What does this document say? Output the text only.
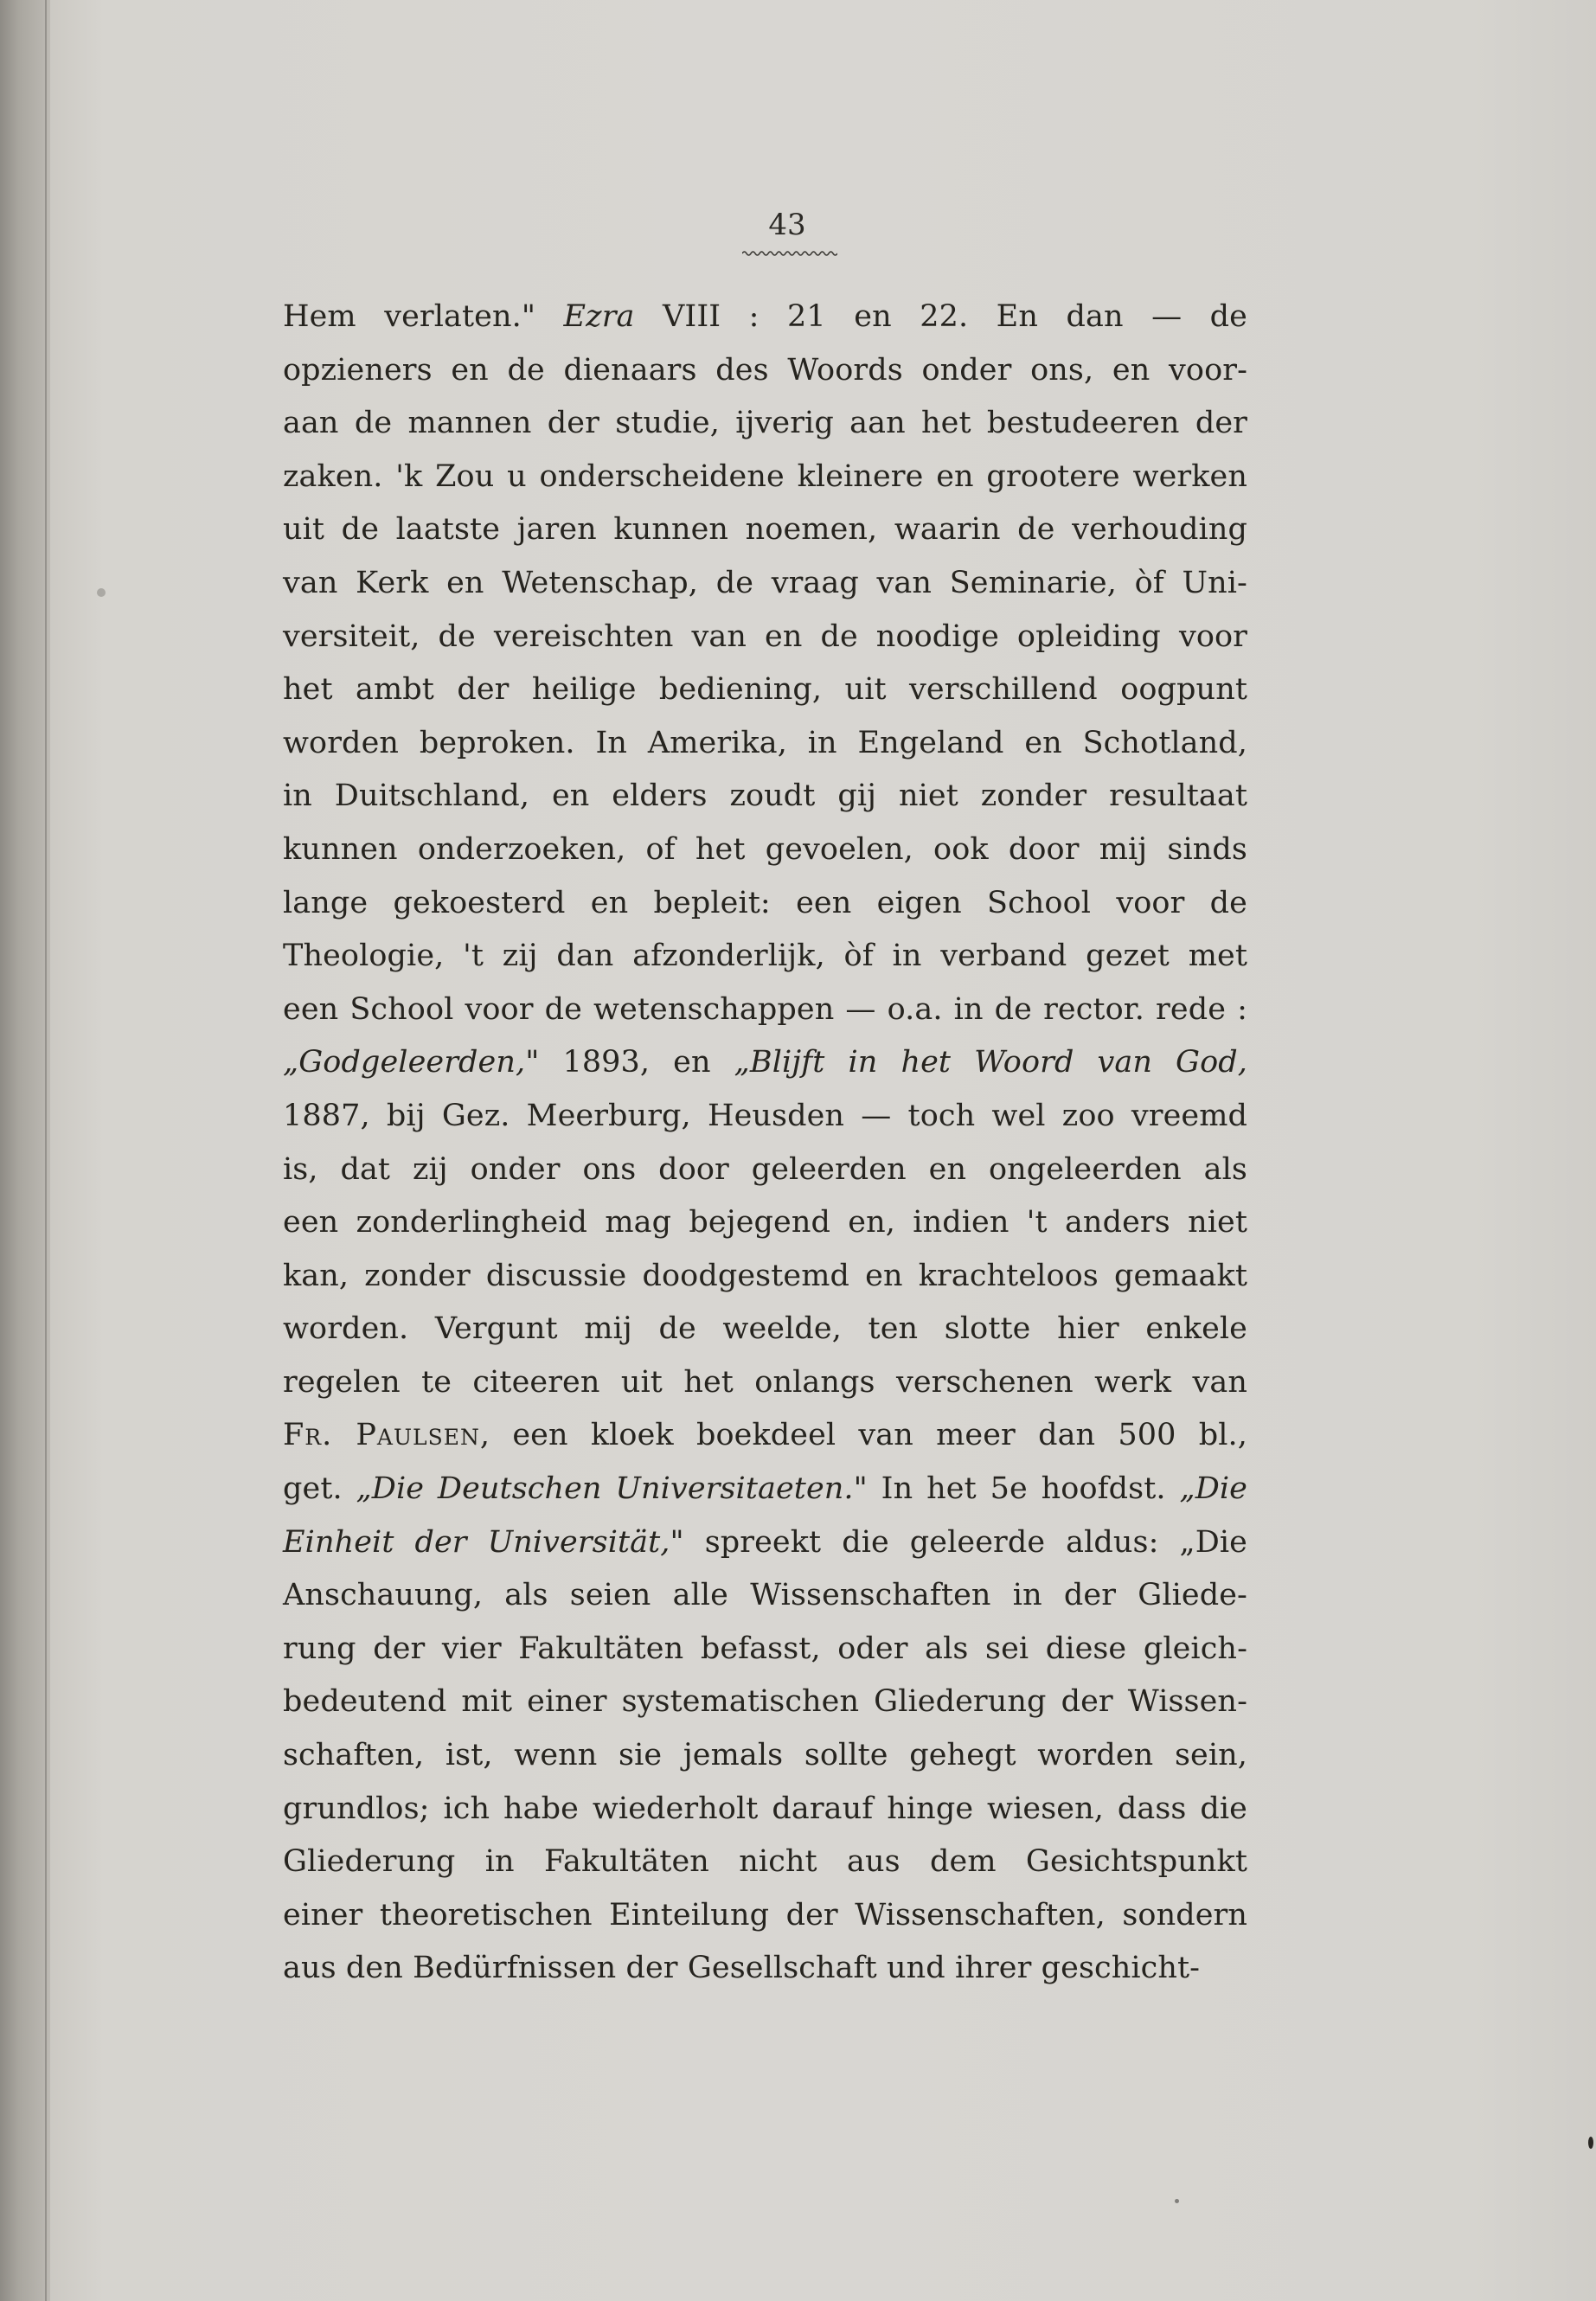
43
Hem verlaten." Ezra VIII : 21 en 22. En dan — de
opzieners en de dienaars des Woords onder ons, en voor-
aan de mannen der studie, ijverig aan het bestudeeren der
zaken. 'k Zou u onderscheidene kleinere en grootere werken
uit de laatste jaren kunnen noemen, waarin de verhouding
van Kerk en Wetenschap, de vraag van Seminarie, òf Uni-
versiteit, de vereischten van en de noodige opleiding voor
het ambt der heilige bediening, uit verschillend oogpunt
worden beproken. In Amerika, in Engeland en Schotland,
in Duitschland, en elders zoudt gij niet zonder resultaat
kunnen onderzoeken, of het gevoelen, ook door mij sinds
lange gekoesterd en bepleit: een eigen School voor de
Theologie, 't zij dan afzonderlijk, òf in verband gezet met
een School voor de wetenschappen — o.a. in de rector. rede :
„Godgeleerden," 1893, en „Blijft in het Woord van God,
1887, bij Gez. Meerburg, Heusden — toch wel zoo vreemd
is, dat zij onder ons door geleerden en ongeleerden als
een zonderlingheid mag bejegend en, indien 't anders niet
kan, zonder discussie doodgestemd en krachteloos gemaakt
worden. Vergunt mij de weelde, ten slotte hier enkele
regelen te citeeren uit het onlangs verschenen werk van
Fr. Paulsen, een kloek boekdeel van meer dan 500 bl.,
get. „Die Deutschen Universitaeten." In het 5e hoofdst. „Die
Einheit der Universität," spreekt die geleerde aldus: „Die
Anschauung, als seien alle Wissenschaften in der Gliede-
rung der vier Fakultäten befasst, oder als sei diese gleich-
bedeutend mit einer systematischen Gliederung der Wissen-
schaften, ist, wenn sie jemals sollte gehegt worden sein,
grundlos; ich habe wiederholt darauf hinge wiesen, dass die
Gliederung in Fakultäten nicht aus dem Gesichtspunkt
einer theoretischen Einteilung der Wissenschaften, sondern
aus den Bedürfnissen der Gesellschaft und ihrer geschicht-
